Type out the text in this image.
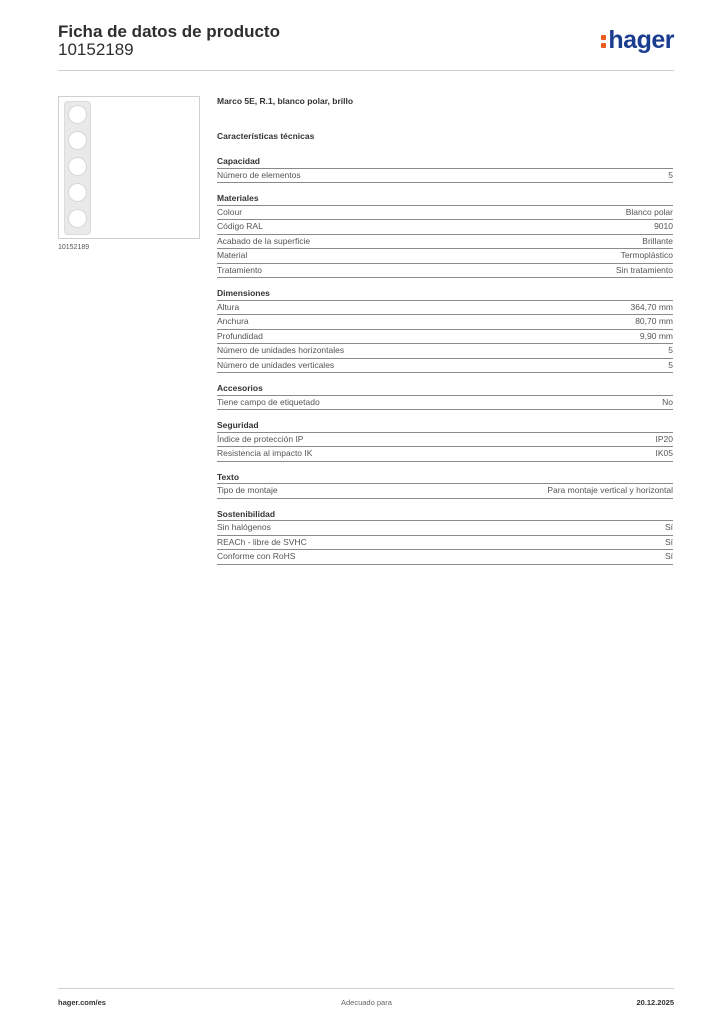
Ficha de datos de producto
10152189	hager
10152189
Marco 5E, R.1, blanco polar, brillo
Características técnicas
Capacidad
Número de elementos	5
Materiales
Colour	Blanco polar
Código RAL	9010
Acabado de la superficie	Brillante
Material	Termoplástico
Tratamiento	Sin tratamiento
Dimensiones
Altura	364,70 mm
Anchura	80,70 mm
Profundidad	9,90 mm
Número de unidades horizontales	5
Número de unidades verticales	5
Accesorios
Tiene campo de etiquetado	No
Seguridad
Índice de protección IP	IP20
Resistencia al impacto IK	IK05
Texto
Tipo de montaje	Para montaje vertical y horizontal
Sostenibilidad
Sin halógenos	Sí
REACh - libre de SVHC	Sí
Conforme con RoHS	Sí
hager.com/es	Adecuado para	20.12.2025
